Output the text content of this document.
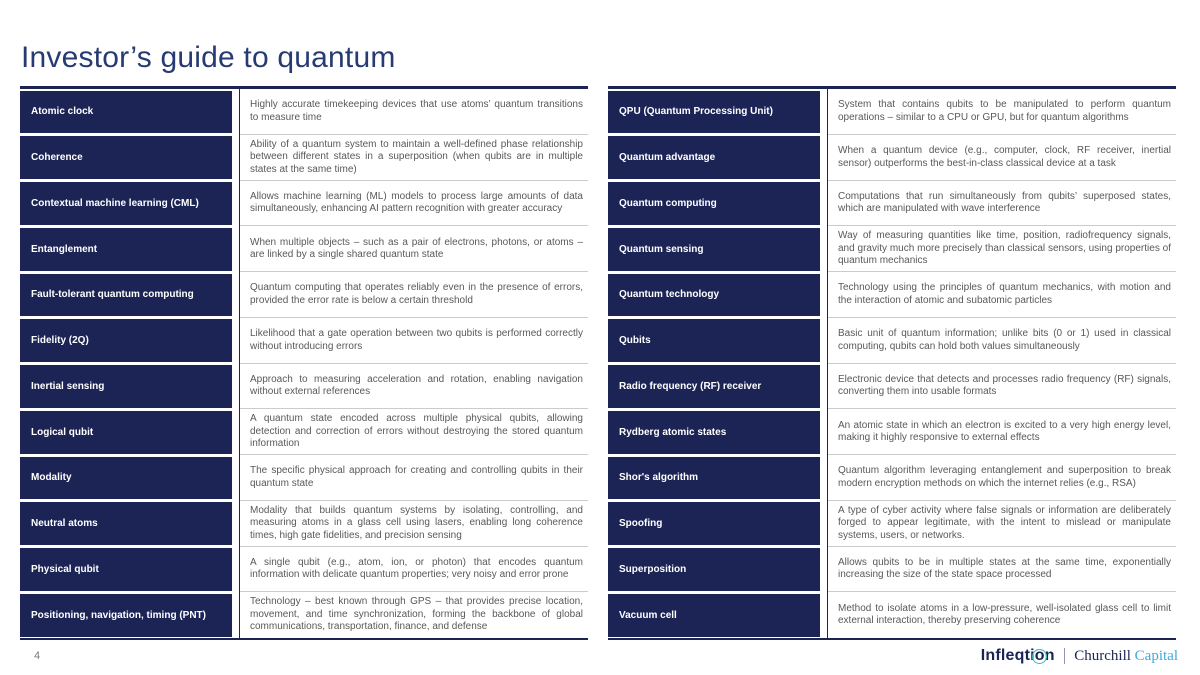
Investor’s guide to quantum
Atomic clock
Highly accurate timekeeping devices that use atoms’ quantum transitions to measure time
Coherence
Ability of a quantum system to maintain a well-defined phase relationship between different states in a superposition (when qubits are in multiple states at the same time)
Contextual machine learning (CML)
Allows machine learning (ML) models to process large amounts of data simultaneously, enhancing AI pattern recognition with greater accuracy
Entanglement
When multiple objects – such as a pair of electrons, photons, or atoms – are linked by a single shared quantum state
Fault-tolerant quantum computing
Quantum computing that operates reliably even in the presence of errors, provided the error rate is below a certain threshold
Fidelity (2Q)
Likelihood that a gate operation between two qubits is performed correctly without introducing errors
Inertial sensing
Approach to measuring acceleration and rotation, enabling navigation without external references
Logical qubit
A quantum state encoded across multiple physical qubits, allowing detection and correction of errors without destroying the stored quantum information
Modality
The specific physical approach for creating and controlling qubits in their quantum state
Neutral atoms
Modality that builds quantum systems by isolating, controlling, and measuring atoms in a glass cell using lasers, enabling long coherence times, high gate fidelities, and precision sensing
Physical qubit
A single qubit (e.g., atom, ion, or photon) that encodes quantum information with delicate quantum properties; very noisy and error prone
Positioning, navigation, timing (PNT)
Technology – best known through GPS – that provides precise location, movement, and time synchronization, forming the backbone of global communications, transportation, finance, and defense
QPU (Quantum Processing Unit)
System that contains qubits to be manipulated to perform quantum operations – similar to a CPU or GPU, but for quantum algorithms
Quantum advantage
When a quantum device (e.g., computer, clock, RF receiver, inertial sensor) outperforms the best-in-class classical device at a task
Quantum computing
Computations that run simultaneously from qubits’ superposed states, which are manipulated with wave interference
Quantum sensing
Way of measuring quantities like time, position, radiofrequency signals, and gravity much more precisely than classical sensors, using properties of quantum mechanics
Quantum technology
Technology using the principles of quantum mechanics, with motion and the interaction of atomic and subatomic particles
Qubits
Basic unit of quantum information; unlike bits (0 or 1) used in classical computing, qubits can hold both values simultaneously
Radio frequency (RF) receiver
Electronic device that detects and processes radio frequency (RF) signals, converting them into usable formats
Rydberg atomic states
An atomic state in which an electron is excited to a very high energy level, making it highly responsive to external effects
Shor's algorithm
Quantum algorithm leveraging entanglement and superposition to break modern encryption methods on which the internet relies (e.g., RSA)
Spoofing
A type of cyber activity where false signals or information are deliberately forged to appear legitimate, with the intent to mislead or manipulate systems, users, or networks.
Superposition
Allows qubits to be in multiple states at the same time, exponentially increasing the size of the state space processed
Vacuum cell
Method to isolate atoms in a low-pressure, well-isolated glass cell to limit external interaction, thereby preserving coherence
4	Infleqtion Churchill Capital
